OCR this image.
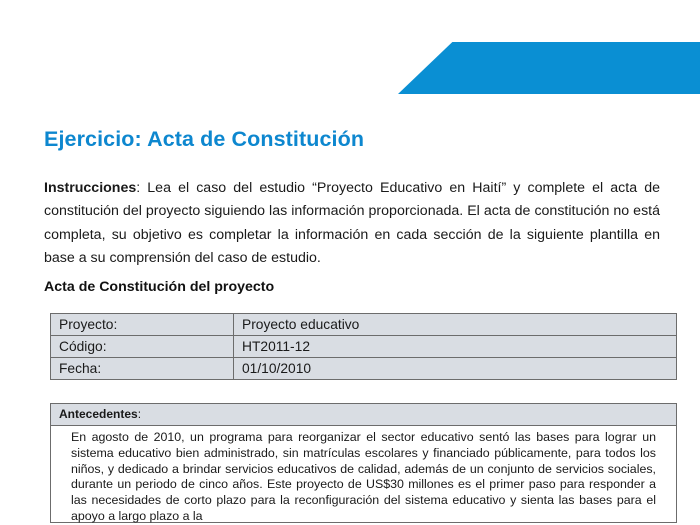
Ejercicio: Acta de Constitución
Instrucciones: Lea el caso del estudio “Proyecto Educativo en Haití” y complete el acta de constitución del proyecto siguiendo las información proporcionada. El acta de constitución no está completa, su objetivo es completar la información en cada sección de la siguiente plantilla en base a su comprensión del caso de estudio.
Acta de Constitución del proyecto
Proyecto:	Proyecto educativo
Código:	HT2011-12
Fecha:	01/10/2010
Antecedentes:
En agosto de 2010, un programa para reorganizar el sector educativo sentó las bases para lograr un sistema educativo bien administrado, sin matrículas escolares y financiado públicamente, para todos los niños, y dedicado a brindar servicios educativos de calidad, además de un conjunto de servicios sociales, durante un periodo de cinco años. Este proyecto de US$30 millones es el primer paso para responder a las necesidades de corto plazo para la reconfiguración del sistema educativo y sienta las bases para el apoyo a largo plazo a la
